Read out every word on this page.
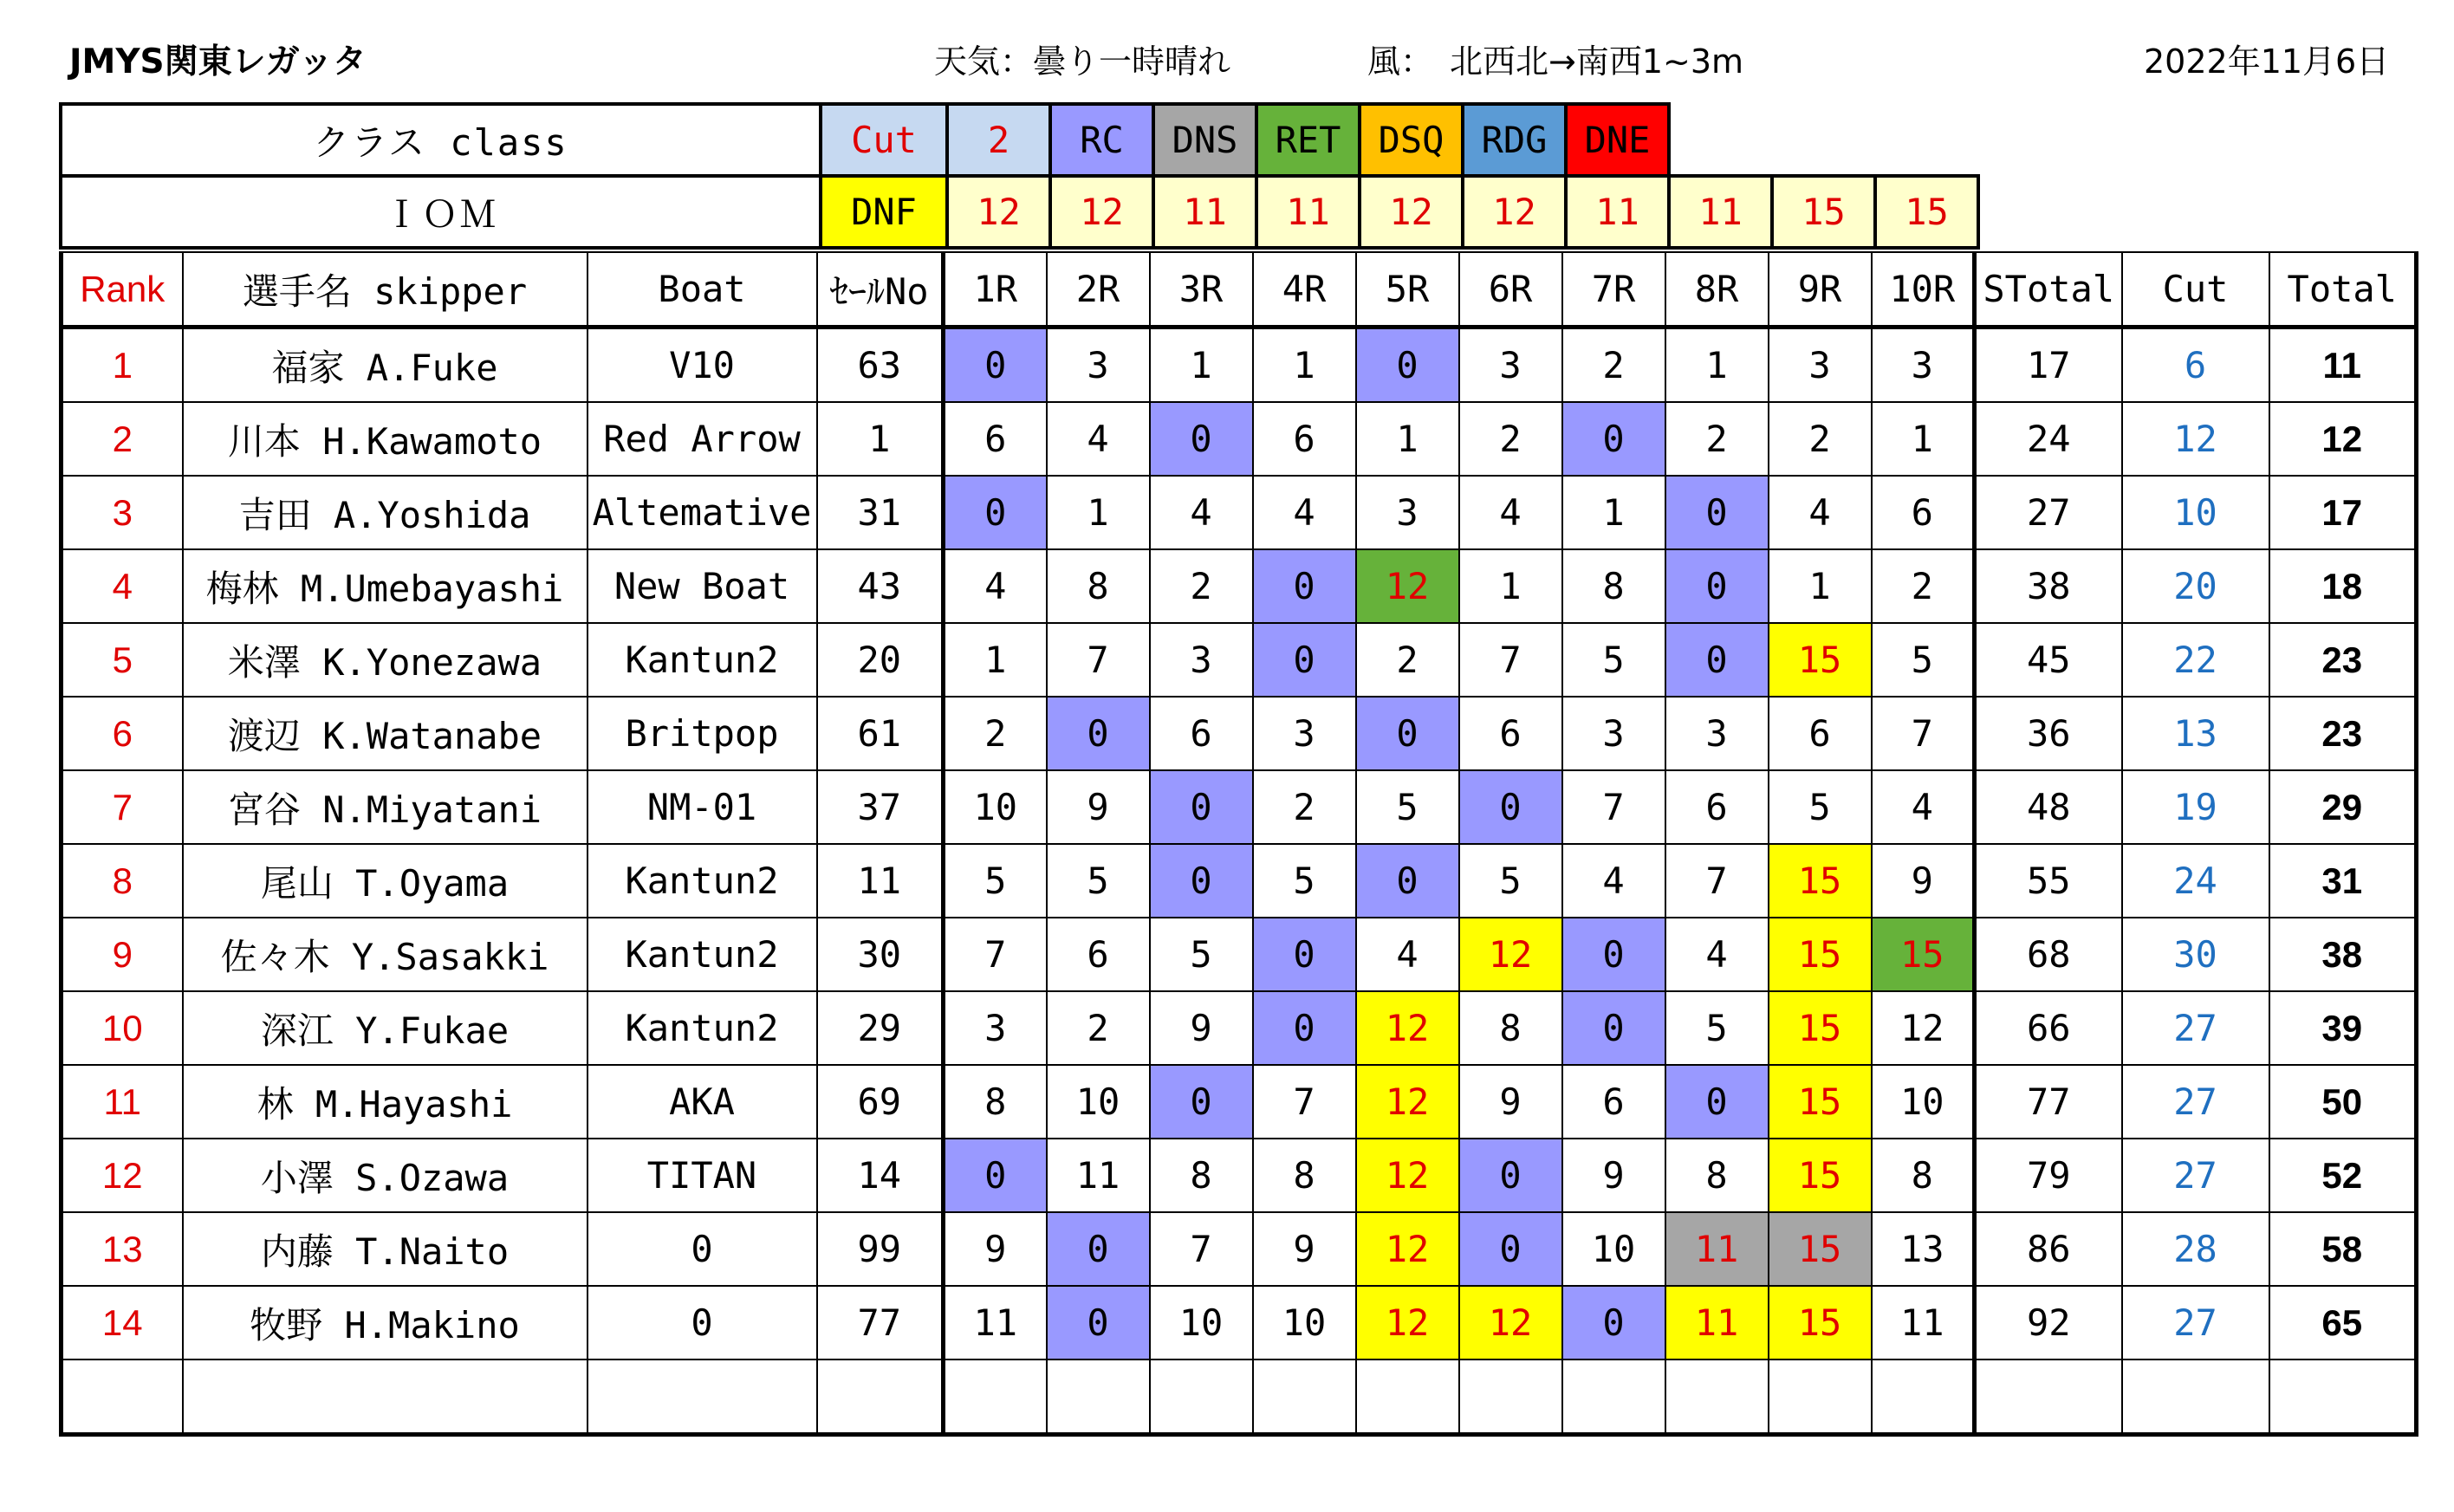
JMYS関東レガッタ	天気：曇り一時晴れ	風：　北西北→南西1~3m	2022年11月6日
クラス class	Cut	2	RC	DNS	RET	DSQ	RDG	DNE			
ＩＯＭ	DNF	12	12	11	11	12	12	11	11	15	15
Rank	選手名 skipper	Boat	ｾｰﾙNo	1R	2R	3R	4R	5R	6R	7R	8R	9R	10R	STotal	Cut	Total
1	福家 A.Fuke	V10	63	0	3	1	1	0	3	2	1	3	3	17	6	11
2	川本 H.Kawamoto	Red Arrow	1	6	4	0	6	1	2	0	2	2	1	24	12	12
3	吉田 A.Yoshida	Altemative	31	0	1	4	4	3	4	1	0	4	6	27	10	17
4	梅林 M.Umebayashi	New Boat	43	4	8	2	0	12	1	8	0	1	2	38	20	18
5	米澤 K.Yonezawa	Kantun2	20	1	7	3	0	2	7	5	0	15	5	45	22	23
6	渡辺 K.Watanabe	Britpop	61	2	0	6	3	0	6	3	3	6	7	36	13	23
7	宮谷 N.Miyatani	NM-01	37	10	9	0	2	5	0	7	6	5	4	48	19	29
8	尾山 T.Oyama	Kantun2	11	5	5	0	5	0	5	4	7	15	9	55	24	31
9	佐々木 Y.Sasakki	Kantun2	30	7	6	5	0	4	12	0	4	15	15	68	30	38
10	深江 Y.Fukae	Kantun2	29	3	2	9	0	12	8	0	5	15	12	66	27	39
11	林 M.Hayashi	AKA	69	8	10	0	7	12	9	6	0	15	10	77	27	50
12	小澤 S.Ozawa	TITAN	14	0	11	8	8	12	0	9	8	15	8	79	27	52
13	内藤 T.Naito	0	99	9	0	7	9	12	0	10	11	15	13	86	28	58
14	牧野 H.Makino	0	77	11	0	10	10	12	12	0	11	15	11	92	27	65
